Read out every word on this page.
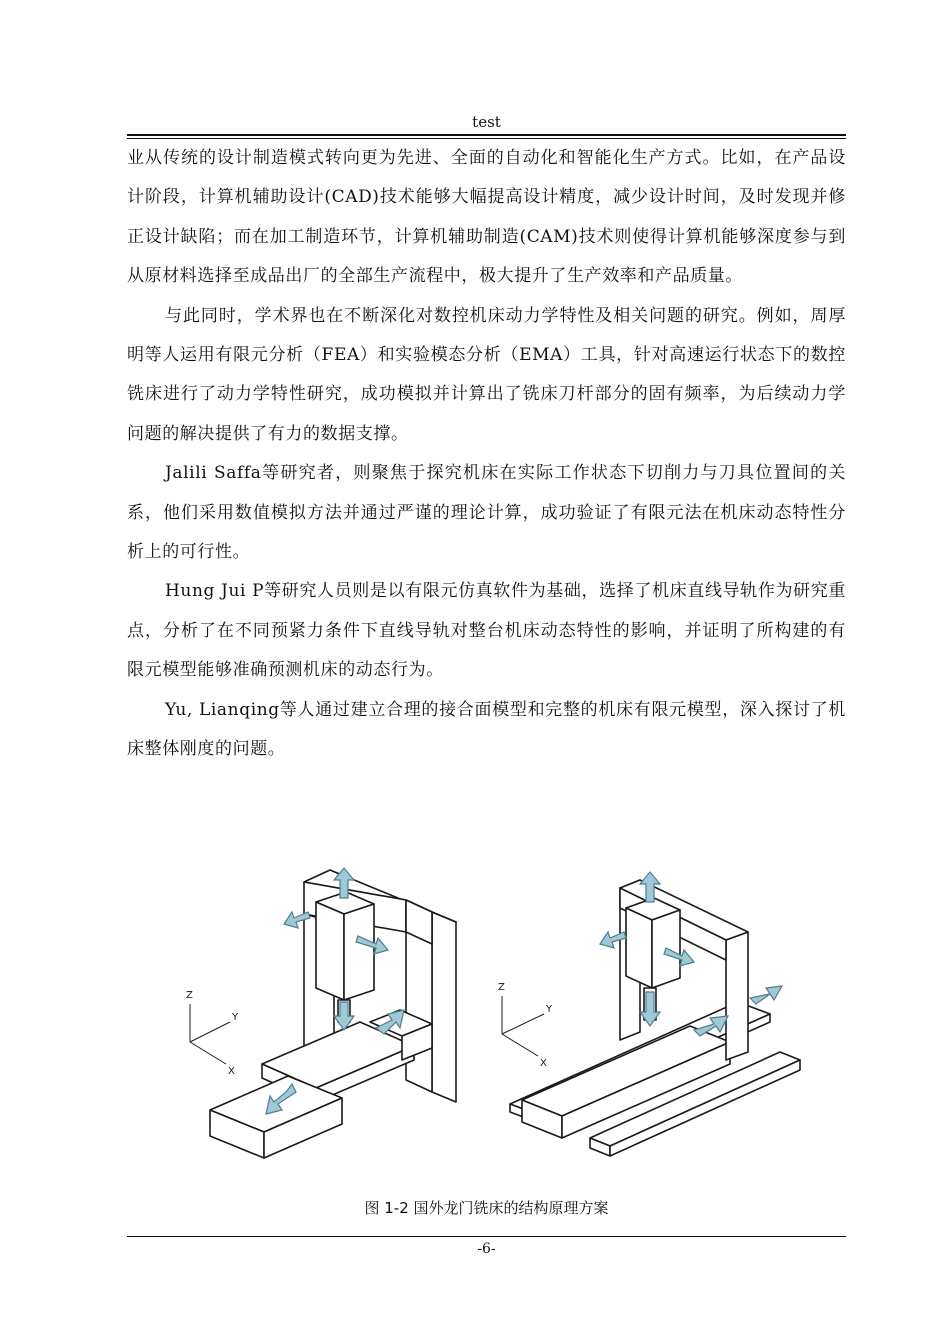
test

业从传统的设计制造模式转向更为先进、全面的自动化和智能化生产方式。比如，在产品设计阶段，计算机辅助设计(CAD)技术能够大幅提高设计精度，减少设计时间，及时发现并修正设计缺陷；而在加工制造环节，计算机辅助制造(CAM)技术则使得计算机能够深度参与到从原材料选择至成品出厂的全部生产流程中，极大提升了生产效率和产品质量。

与此同时，学术界也在不断深化对数控机床动力学特性及相关问题的研究。例如，周厚明等人运用有限元分析（FEA）和实验模态分析（EMA）工具，针对高速运行状态下的数控铣床进行了动力学特性研究，成功模拟并计算出了铣床刀杆部分的固有频率，为后续动力学问题的解决提供了有力的数据支撑。

Jalili Saffa等研究者，则聚焦于探究机床在实际工作状态下切削力与刀具位置间的关系，他们采用数值模拟方法并通过严谨的理论计算，成功验证了有限元法在机床动态特性分析上的可行性。

Hung Jui P等研究人员则是以有限元仿真软件为基础，选择了机床直线导轨作为研究重点，分析了在不同预紧力条件下直线导轨对整台机床动态特性的影响，并证明了所构建的有限元模型能够准确预测机床的动态行为。

Yu, Lianqing等人通过建立合理的接合面模型和完整的机床有限元模型，深入探讨了机床整体刚度的问题。

Z
Y
X
Z
Y
X
图 1-2 国外龙门铣床的结构原理方案
-6-
